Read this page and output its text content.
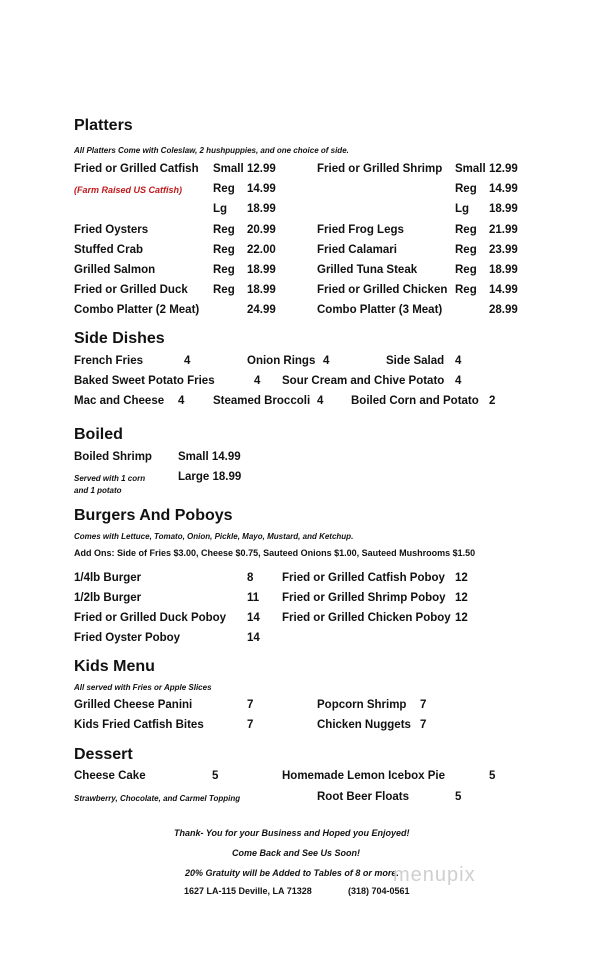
Platters
All Platters Come with Coleslaw, 2 hushpuppies, and one choice of side.
Fried or Grilled Catfish Small 12.99
(Farm Raised US Catfish)	Reg 14.99
Lg 18.99
Fried or Grilled Shrimp Small 12.99
Reg 14.99
Lg 18.99
Fried Oysters	Reg 20.99
Stuffed Crab	Reg 22.00
Grilled Salmon	Reg 18.99
Fried or Grilled Duck Reg 18.99
Combo Platter (2 Meat)	24.99
Fried Frog Legs	Reg 21.99
Fried Calamari	Reg 23.99
Grilled Tuna Steak	Reg 18.99
Fried or Grilled Chicken Reg 14.99
Combo Platter (3 Meat)	28.99
Side Dishes
French Fries	4	Onion Rings 4	Side Salad 4
Baked Sweet Potato Fries	4 Sour Cream and Chive Potato 4
Mac and Cheese 4 Steamed Broccoli 4 Boiled Corn and Potato 2
Boiled
Boiled Shrimp Small 14.99
Served with 1 corn
and 1 potato
Large 18.99
Burgers And Poboys
Comes with Lettuce, Tomato, Onion, Pickle, Mayo, Mustard, and Ketchup.
Add Ons: Side of Fries $3.00, Cheese $0.75, Sauteed Onions $1.00, Sauteed Mushrooms $1.50
1/4lb Burger	8
1/2lb Burger	11
Fried or Grilled Duck Poboy 14
Fried Oyster Poboy	14
Fried or Grilled Catfish Poboy 12
Fried or Grilled Shrimp Poboy 12
Fried or Grilled Chicken Poboy 12
Kids Menu
All served with Fries or Apple Slices
Grilled Cheese Panini	7	Popcorn Shrimp 7
Kids Fried Catfish Bites	7	Chicken Nuggets 7
Dessert
Cheese Cake	5
Strawberry, Chocolate, and Carmel Topping
Homemade Lemon Icebox Pie	5
Root Beer Floats	5
Thank- You for your Business and Hoped you Enjoyed!
Come Back and See Us Soon!
20% Gratuity will be Added to Tables of 8 or more.
1627 LA-115 Deville, LA 71328	(318) 704-0561
menupix
